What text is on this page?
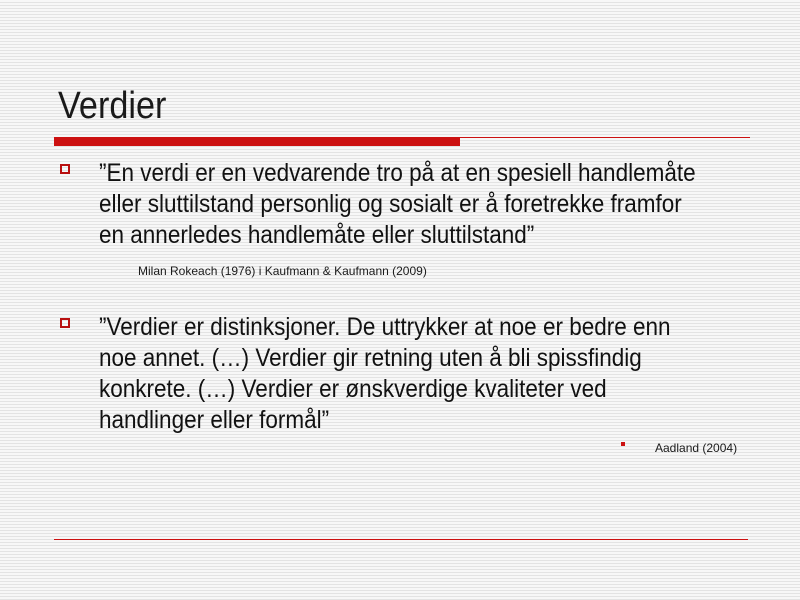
Verdier
”En verdi er en vedvarende tro på at en spesiell handlemåte
eller sluttilstand personlig og sosialt er å foretrekke framfor
en annerledes handlemåte eller sluttilstand”
Milan Rokeach (1976) i Kaufmann & Kaufmann (2009)
”Verdier er distinksjoner. De uttrykker at noe er bedre enn
noe annet. (…) Verdier gir retning uten å bli spissfindig
konkrete. (…) Verdier er ønskverdige kvaliteter ved
handlinger eller formål”
Aadland (2004)
